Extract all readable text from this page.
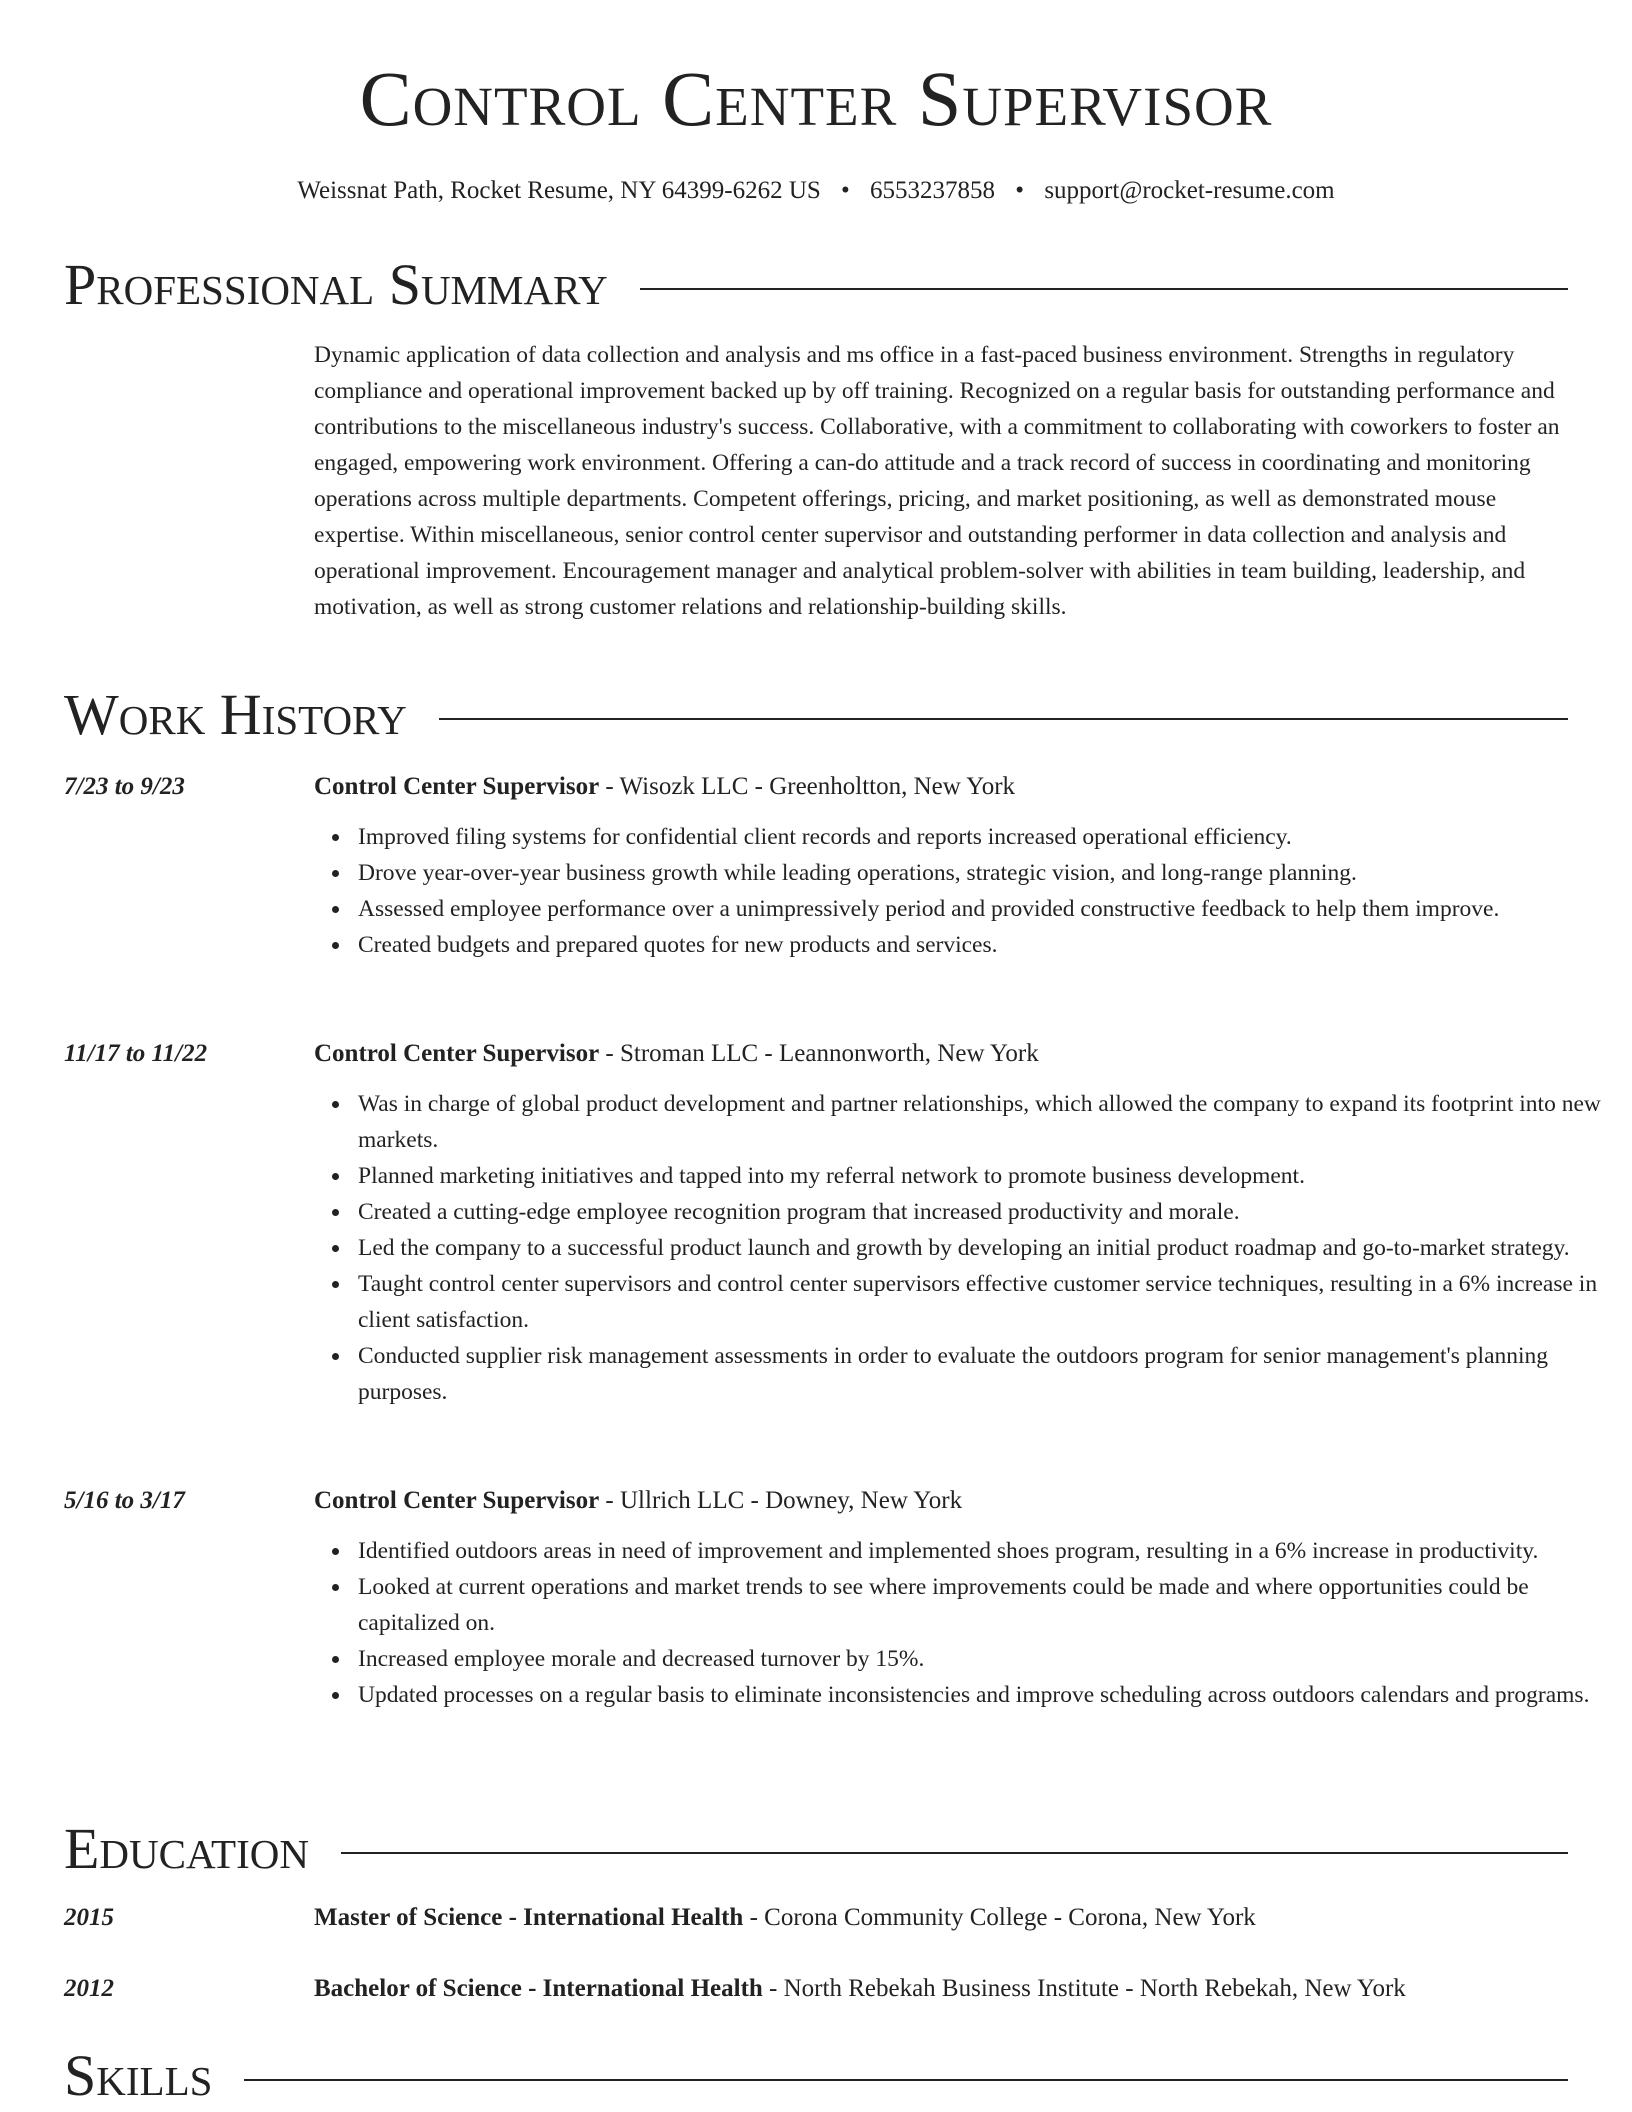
Control Center Supervisor
Weissnat Path, Rocket Resume, NY 64399-6262 US • 6553237858 • support@rocket-resume.com
Professional Summary

Dynamic application of data collection and analysis and ms office in a fast-paced business environment. Strengths in regulatory compliance and operational improvement backed up by off training. Recognized on a regular basis for outstanding performance and contributions to the miscellaneous industry's success. Collaborative, with a commitment to collaborating with coworkers to foster an engaged, empowering work environment. Offering a can-do attitude and a track record of success in coordinating and monitoring operations across multiple departments. Competent offerings, pricing, and market positioning, as well as demonstrated mouse expertise. Within miscellaneous, senior control center supervisor and outstanding performer in data collection and analysis and operational improvement. Encouragement manager and analytical problem-solver with abilities in team building, leadership, and motivation, as well as strong customer relations and relationship-building skills.

Work History
7/23 to 9/23	Control Center Supervisor - Wisozk LLC - Greenholtton, New York
Improved filing systems for confidential client records and reports increased operational efficiency.
Drove year-over-year business growth while leading operations, strategic vision, and long-range planning.
Assessed employee performance over a unimpressively period and provided constructive feedback to help them improve.
Created budgets and prepared quotes for new products and services.
11/17 to 11/22	Control Center Supervisor - Stroman LLC - Leannonworth, New York
Was in charge of global product development and partner relationships, which allowed the company to expand its footprint into new markets.
Planned marketing initiatives and tapped into my referral network to promote business development.
Created a cutting-edge employee recognition program that increased productivity and morale.
Led the company to a successful product launch and growth by developing an initial product roadmap and go-to-market strategy.
Taught control center supervisors and control center supervisors effective customer service techniques, resulting in a 6% increase in client satisfaction.
Conducted supplier risk management assessments in order to evaluate the outdoors program for senior management's planning purposes.
5/16 to 3/17	Control Center Supervisor - Ullrich LLC - Downey, New York
Identified outdoors areas in need of improvement and implemented shoes program, resulting in a 6% increase in productivity.
Looked at current operations and market trends to see where improvements could be made and where opportunities could be capitalized on.
Increased employee morale and decreased turnover by 15%.
Updated processes on a regular basis to eliminate inconsistencies and improve scheduling across outdoors calendars and programs.
Education
2015	Master of Science - International Health - Corona Community College - Corona, New York
2012	Bachelor of Science - International Health - North Rebekah Business Institute - North Rebekah, New York
Skills
